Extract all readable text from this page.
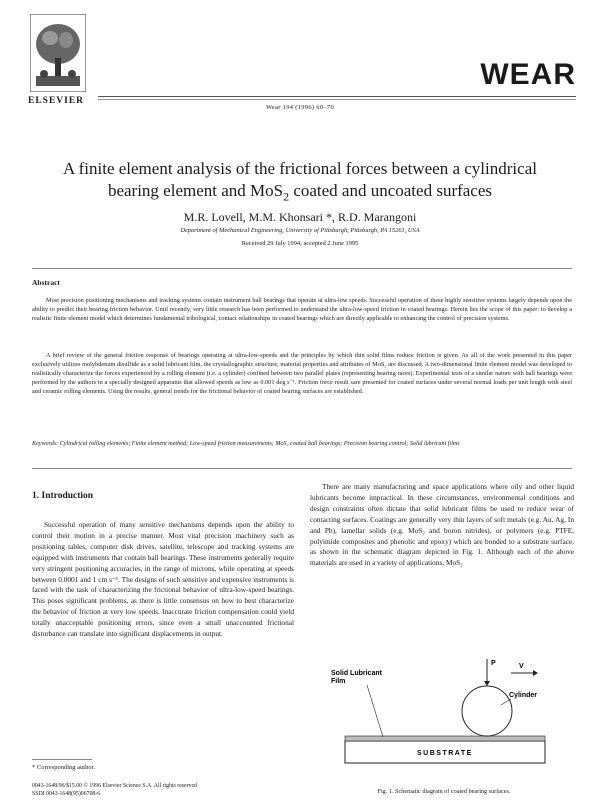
ELSEVIER
WEAR
Wear 194 (1996) 60–70
A finite element analysis of the frictional forces between a cylindrical
bearing element and MoS$_2$ coated and uncoated surfaces
M.R. Lovell, M.M. Khonsari *, R.D. Marangoni
Department of Mechanical Engineering, University of Pittsburgh, Pittsburgh, PA 15261, USA
Received 29 July 1994; accepted 2 June 1995
Abstract
Most precision positioning mechanisms and tracking systems contain instrument ball bearings that operate at ultra-low speeds. Successful operation of these highly sensitive systems largely depends upon the ability to predict their bearing friction behavior. Until recently, very little research has been performed to understand the ultra-low-speed friction in coated bearings. Herein lies the scope of this paper: to develop a realistic finite element model which determines fundamental tribological, contact relationships in coated bearings which are directly applicable to enhancing the control of precision systems.
A brief review of the general friction response of bearings operating at ultra-low-speeds and the principles by which thin solid films reduce friction is given. As all of the work presented in this paper exclusively utilizes molybdenum disulfide as a solid lubricant film, the crystallographic structure, material properties and attributes of MoS₂ are discussed. A two-dimensional finite element model was developed to realistically characterize the forces experienced by a rolling element (i.e. a cylinder) confined between two parallel plates (representing bearing races). Experimental tests of a similar nature with ball bearings were performed by the authors in a specially designed apparatus that allowed speeds as low as 0.001 deg s⁻¹. Friction force result sare presented for coated surfaces under several normal loads per unit length with steel and ceramic rolling elements. Using the results, general trends for the frictional behavior of coated bearing surfaces are established.
Keywords: Cylindrical rolling elements; Finite element method; Low-speed friction measurements; MoS₂ coated ball bearings; Precision bearing control; Solid lubricant films
1. Introduction
Successful operation of many sensitive mechanisms depends upon the ability to control their motion in a precise manner. Most vital precision machinery such as positioning tables, computer disk drives, satellite, telescope and tracking systems are equipped with instruments that contain ball bearings. These instruments generally require very stringent positioning accuracies, in the range of microns, while operating at speeds between 0.0001 and 1 cm s⁻¹. The designs of such sensitive and expensive instruments is faced with the task of characterizing the frictional behavior of ultra-low-speed bearings. This poses significant problems, as there is little consensus on how to best characterize the behavior of friction at very low speeds. Inaccurate friction compensation could yield totally unacceptable positioning errors, since even a small unaccounted frictional disturbance can translate into significant displacements in output.
There are many manufacturing and space applications where oily and other liquid lubricants become impractical. In these circumstances, environmental conditions and design constraints often dictate that solid lubricant films be used to reduce wear of contacting surfaces. Coatings are generally very thin layers of soft metals (e.g. Au, Ag, In and Pb), lamellar solids (e.g. MoS₂ and boron nitrides), or polymers (e.g. PTFE, polyimide composites and phenolic and epoxy) which are bonded to a substrate surface, as shown in the schematic diagram depicted in Fig. 1. Although each of the above materials are used in a variety of applications, MoS₂
Solid Lubricant
Film
Cylinder
P	V
SUBSTRATE
Fig. 1. Schematic diagram of coated bearing surfaces.
* Corresponding author.
0043-1648/96/$15.00 © 1996 Elsevier Science S.A. All rights reserved
SSDI 0043-1648(95)06708-6
